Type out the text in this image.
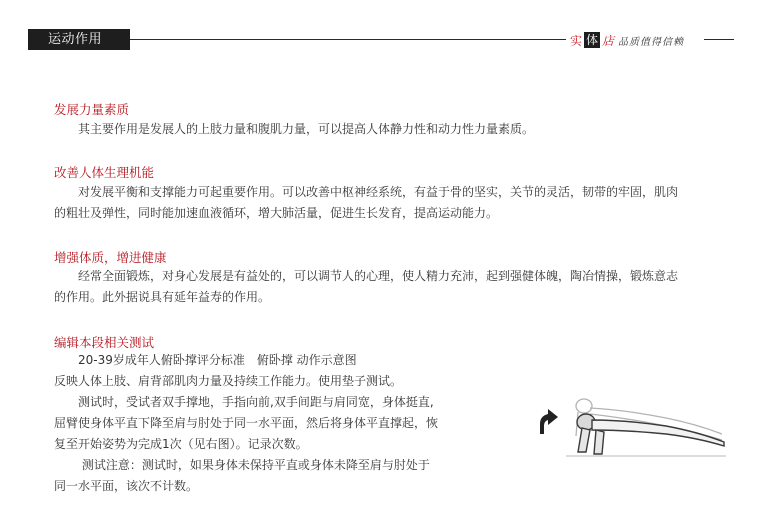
运动作用	实 体 店 品质值得信赖
发展力量素质
　　其主要作用是发展人的上肢力量和腹肌力量，可以提高人体静力性和动力性力量素质。
改善人体生理机能
　　对发展平衡和支撑能力可起重要作用。可以改善中枢神经系统，有益于骨的坚实，关节的灵活，韧带的牢固，肌肉
的粗壮及弹性，同时能加速血液循环，增大肺活量，促进生长发育，提高运动能力。
增强体质，增进健康
　　经常全面锻炼，对身心发展是有益处的，可以调节人的心理，使人精力充沛，起到强健体魄，陶冶情操，锻炼意志
的作用。此外据说具有延年益寿的作用。
编辑本段相关测试
　　20-39岁成年人俯卧撑评分标准　俯卧撑 动作示意图
反映人体上肢、肩背部肌肉力量及持续工作能力。使用垫子测试。
　　测试时，受试者双手撑地，手指向前,双手间距与肩同宽，身体挺直,
屈臂使身体平直下降至肩与肘处于同一水平面，然后将身体平直撑起，恢
复至开始姿势为完成1次（见右图）。记录次数。
　　 测试注意：测试时，如果身体未保持平直或身体未降至肩与肘处于
同一水平面，该次不计数。
